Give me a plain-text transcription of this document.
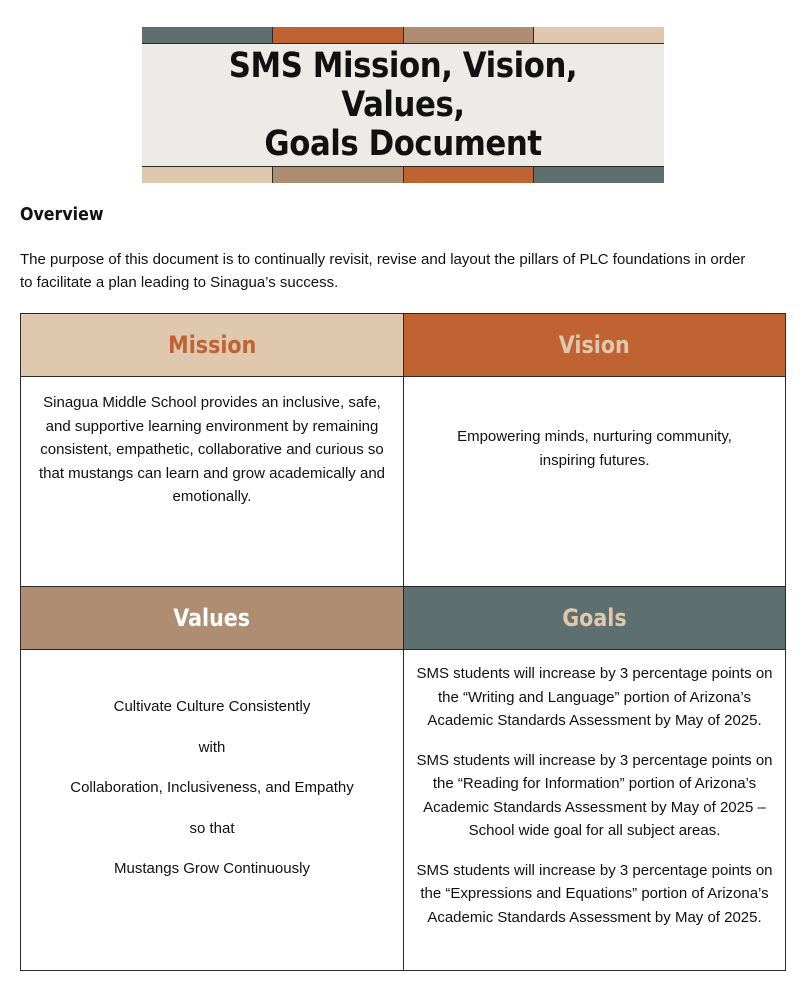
SMS Mission, Vision,
Values,
Goals Document
Overview
The purpose of this document is to continually revisit, revise and layout the pillars of PLC foundations in order to facilitate a plan leading to Sinagua’s success.
Mission	Vision
Sinagua Middle School provides an inclusive, safe, and supportive learning environment by remaining consistent, empathetic, collaborative and curious so that mustangs can learn and grow academically and emotionally.
Empowering minds, nurturing community, inspiring futures.
Values	Goals

Cultivate Culture Consistently

with

Collaboration, Inclusiveness, and Empathy

so that

Mustangs Grow Continuously

SMS students will increase by 3 percentage points on the “Writing and Language” portion of Arizona’s Academic Standards Assessment by May of 2025.

SMS students will increase by 3 percentage points on the “Reading for Information” portion of Arizona’s Academic Standards Assessment by May of 2025 – School wide goal for all subject areas.

SMS students will increase by 3 percentage points on the “Expressions and Equations” portion of Arizona’s Academic Standards Assessment by May of 2025.
